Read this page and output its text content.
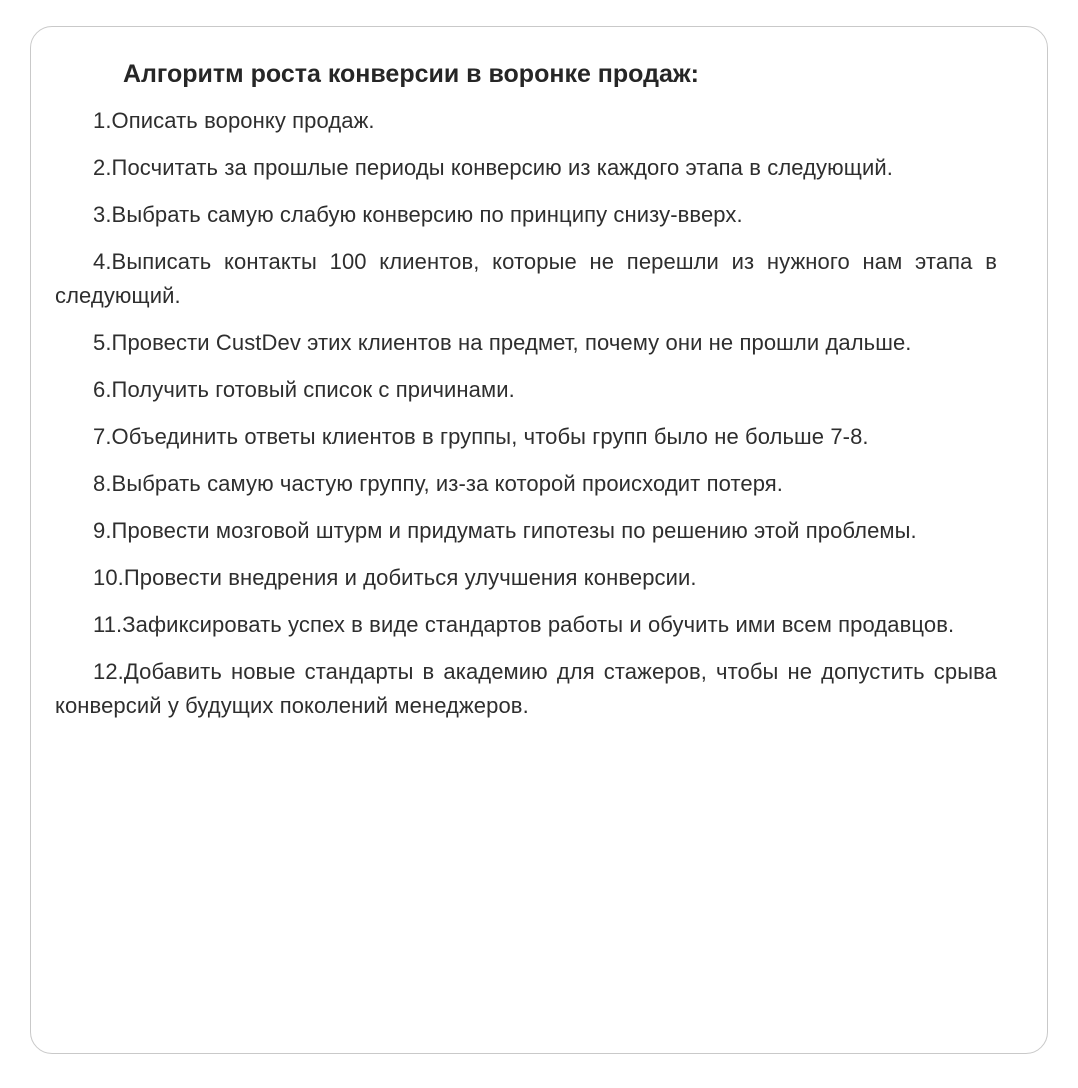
Алгоритм роста конверсии в воронке продаж:
1.Описать воронку продаж.
2.Посчитать за прошлые периоды конверсию из каждого этапа в следующий.
3.Выбрать самую слабую конверсию по принципу снизу-вверх.
4.Выписать контакты 100 клиентов, которые не перешли из нужного нам этапа в следующий.
5.Провести CustDev этих клиентов на предмет, почему они не прошли дальше.
6.Получить готовый список с причинами.
7.Объединить ответы клиентов в группы, чтобы групп было не больше 7-8.
8.Выбрать самую частую группу, из-за которой происходит потеря.
9.Провести мозговой штурм и придумать гипотезы по решению этой проблемы.
10.Провести внедрения и добиться улучшения конверсии.
11.Зафиксировать успех в виде стандартов работы и обучить ими всем продавцов.
12.Добавить новые стандарты в академию для стажеров, чтобы не допустить срыва конверсий у будущих поколений менеджеров.
